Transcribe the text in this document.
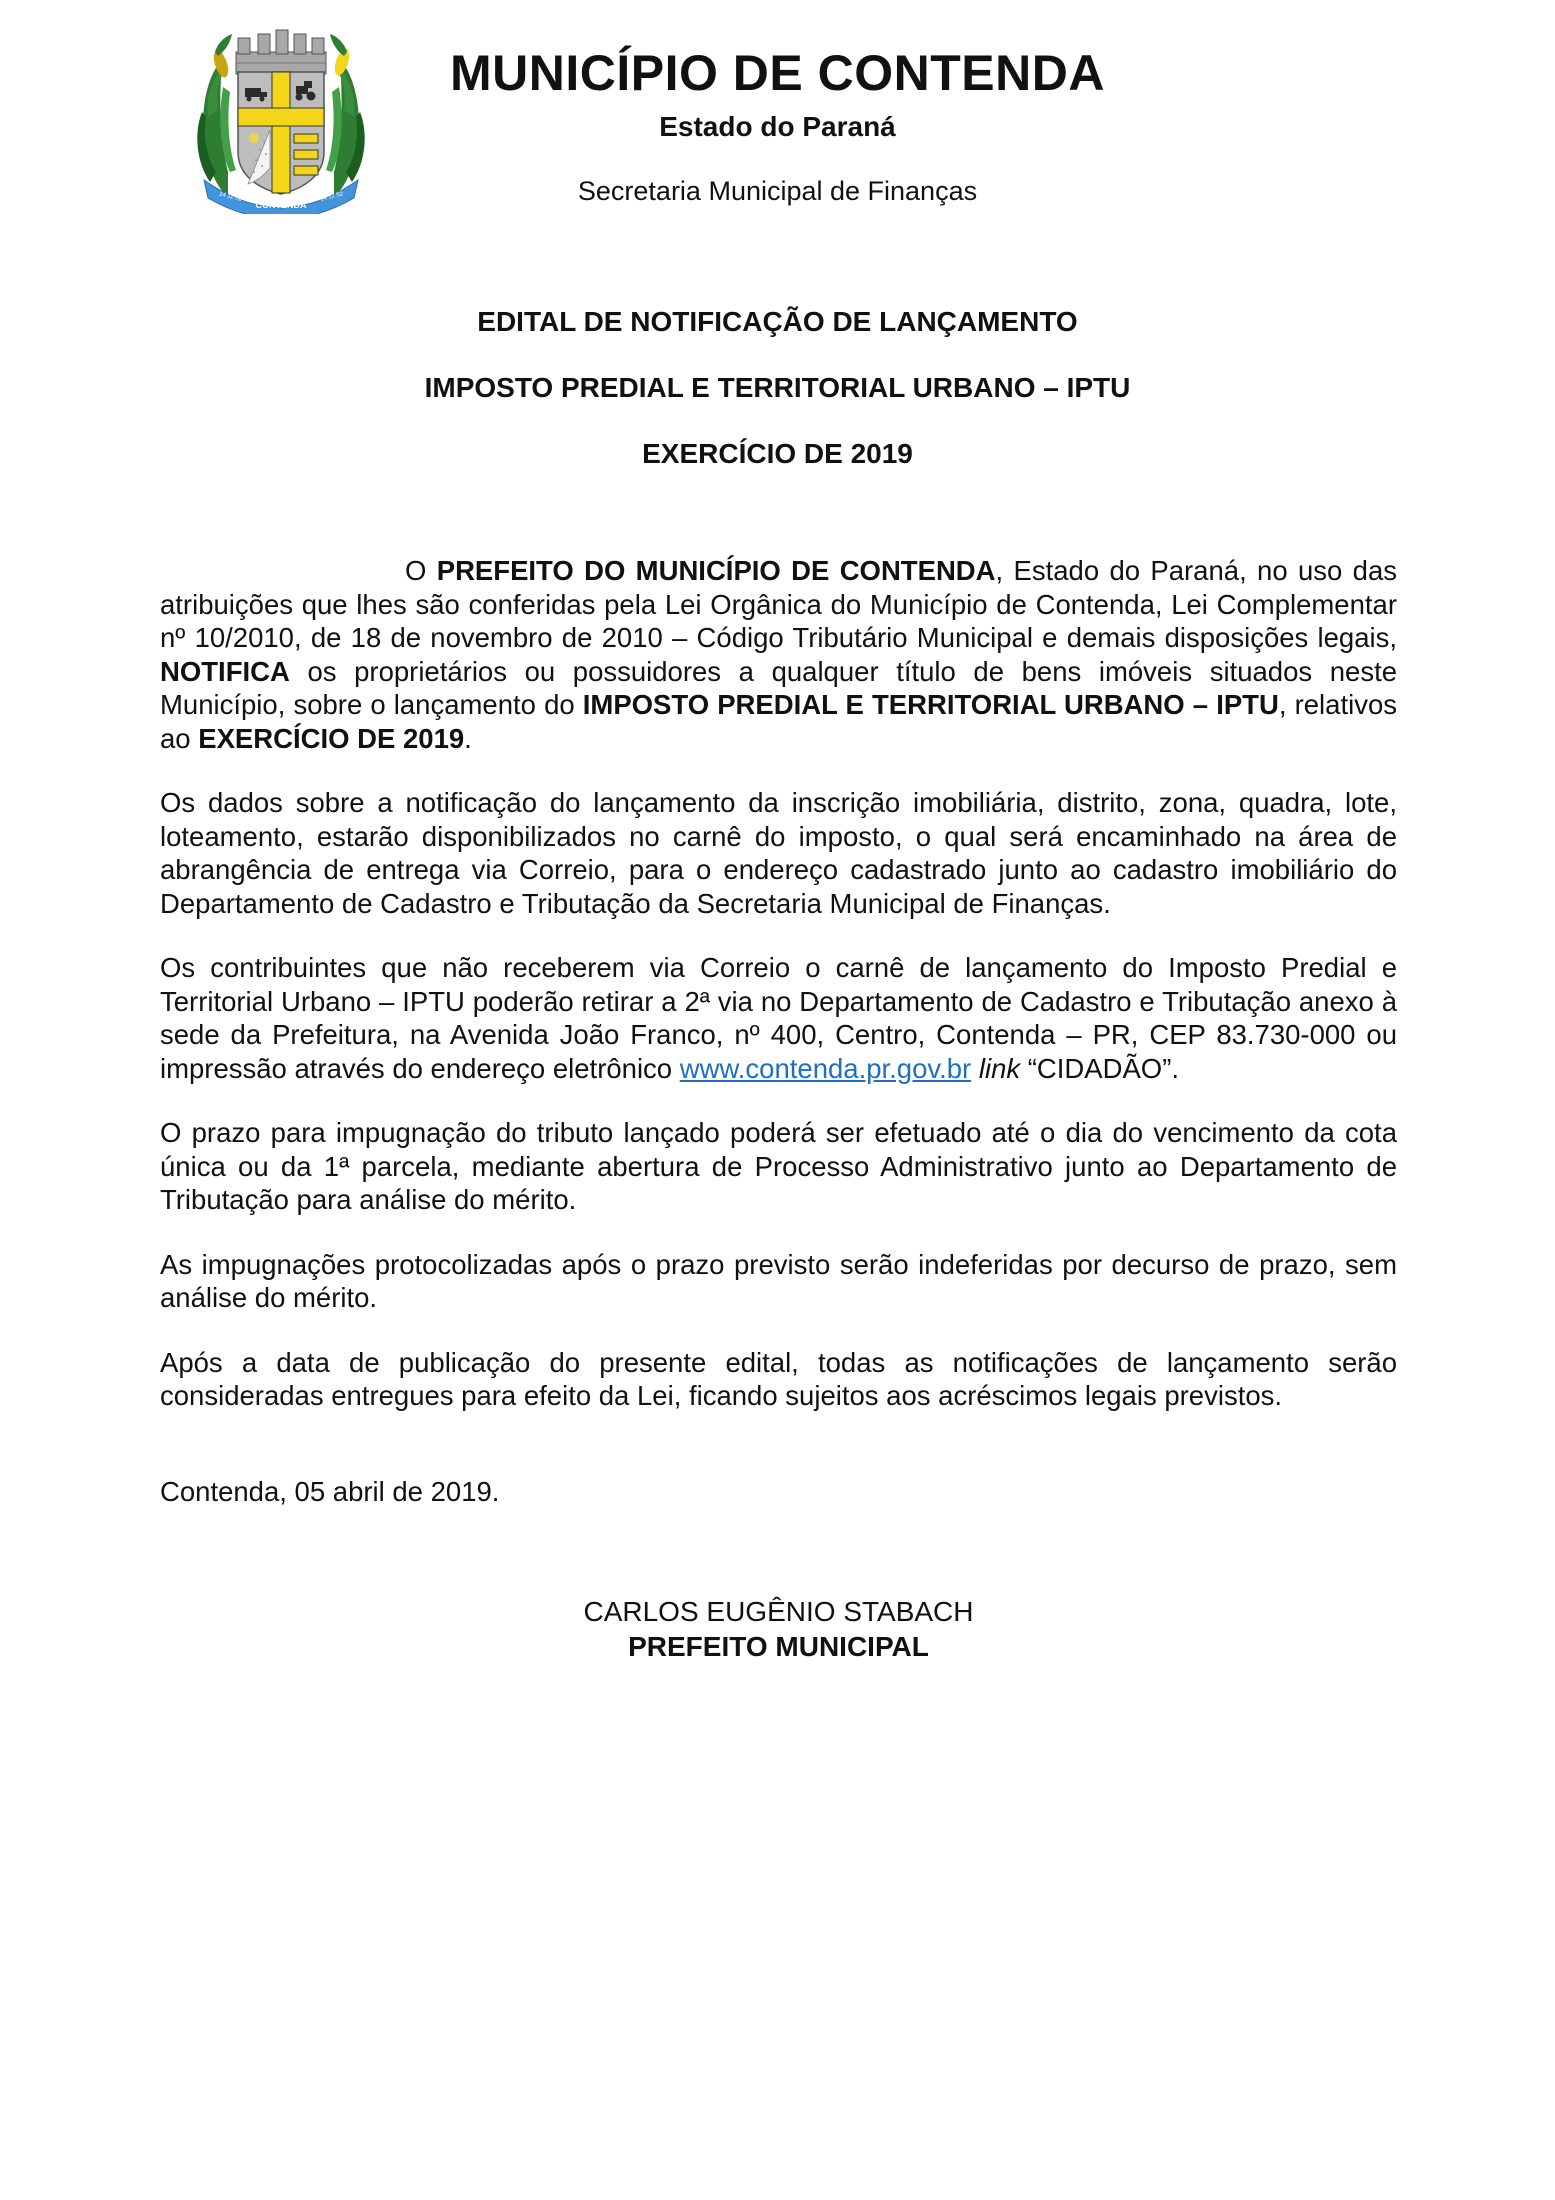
CONTENDA
14 11 51	14 12 52
MUNICÍPIO DE CONTENDA
Estado do Paraná
Secretaria Municipal de Finanças
EDITAL DE NOTIFICAÇÃO DE LANÇAMENTO
IMPOSTO PREDIAL E TERRITORIAL URBANO – IPTU
EXERCÍCIO DE 2019

O PREFEITO DO MUNICÍPIO DE CONTENDA, Estado do Paraná, no uso das atribuições que lhes são conferidas pela Lei Orgânica do Município de Contenda, Lei Complementar nº 10/2010, de 18 de novembro de 2010 – Código Tributário Municipal e demais disposições legais, NOTIFICA os proprietários ou possuidores a qualquer título de bens imóveis situados neste Município, sobre o lançamento do IMPOSTO PREDIAL E TERRITORIAL URBANO – IPTU, relativos ao EXERCÍCIO DE 2019.

Os dados sobre a notificação do lançamento da inscrição imobiliária, distrito, zona, quadra, lote, loteamento, estarão disponibilizados no carnê do imposto, o qual será encaminhado na área de abrangência de entrega via Correio, para o endereço cadastrado junto ao cadastro imobiliário do Departamento de Cadastro e Tributação da Secretaria Municipal de Finanças.

Os contribuintes que não receberem via Correio o carnê de lançamento do Imposto Predial e Territorial Urbano – IPTU poderão retirar a 2ª via no Departamento de Cadastro e Tributação anexo à sede da Prefeitura, na Avenida João Franco, nº 400, Centro, Contenda – PR, CEP 83.730-000 ou impressão através do endereço eletrônico www.contenda.pr.gov.br link “CIDADÃO”.

O prazo para impugnação do tributo lançado poderá ser efetuado até o dia do vencimento da cota única ou da 1ª parcela, mediante abertura de Processo Administrativo junto ao Departamento de Tributação para análise do mérito.

As impugnações protocolizadas após o prazo previsto serão indeferidas por decurso de prazo, sem análise do mérito.

Após a data de publicação do presente edital, todas as notificações de lançamento serão consideradas entregues para efeito da Lei, ficando sujeitos aos acréscimos legais previstos.

Contenda, 05 abril de 2019.

CARLOS EUGÊNIO STABACH
PREFEITO MUNICIPAL
